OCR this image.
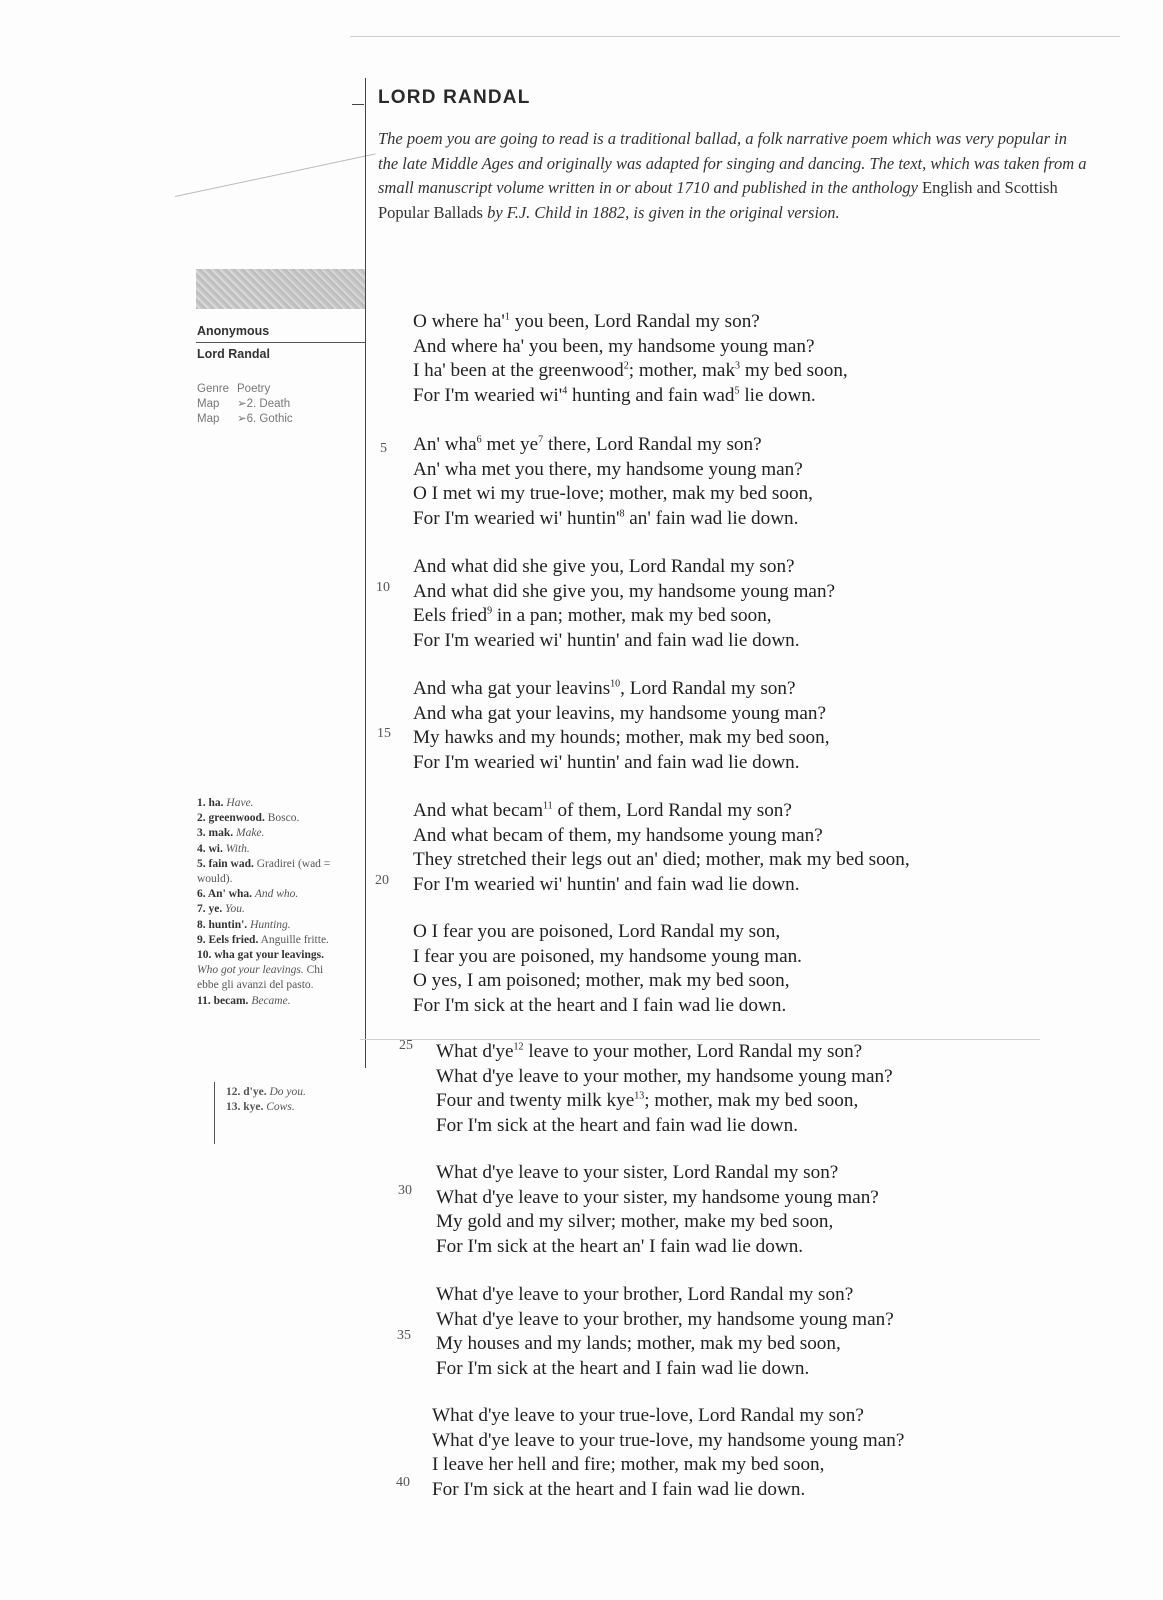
LORD RANDAL
The poem you are going to read is a traditional ballad, a folk narrative poem which was very popular in the late Middle Ages and originally was adapted for singing and dancing. The text, which was taken from a small manuscript volume written in or about 1710 and published in the anthology English and Scottish Popular Ballads by F.J. Child in 1882, is given in the original version.
Anonymous
Lord Randal
Genre Poetry
Map	➢2. Death
Map	➢6. Gothic
1. ha. Have.
2. greenwood. Bosco.
3. mak. Make.
4. wi. With.
5. fain wad. Gradirei (wad = would).
6. An' wha. And who.
7. ye. You.
8. huntin'. Hunting.
9. Eels fried. Anguille fritte.
10. wha gat your leavings. Who got your leavings. Chi ebbe gli avanzi del pasto.
11. becam. Became.
12. d'ye. Do you.
13. kye. Cows.
O where $ha'^1$ you been, Lord Randal my son?
And where ha' you been, my handsome young man?
I ha' been at the greenwood$^2$; mother, mak$^3$ my bed soon,
For I'm wearied $wi'^4$ hunting and fain wad$^5$ lie down.
An' wha$^6$ met $ye^7$ there, Lord Randal my son?
An' wha met you there, my handsome young man?
O I met wi my true-love; mother, mak my bed soon,
For I'm wearied wi' $huntin'^8$ an' fain wad lie down.
And what did she give you, Lord Randal my son?
And what did she give you, my handsome young man?
Eels fried$^9$ in a pan; mother, mak my bed soon,
For I'm wearied wi' huntin' and fain wad lie down.
And wha gat your leavins$^{10}$, Lord Randal my son?
And wha gat your leavins, my handsome young man?
My hawks and my hounds; mother, mak my bed soon,
For I'm wearied wi' huntin' and fain wad lie down.
And what becam$^{11}$ of them, Lord Randal my son?
And what becam of them, my handsome young man?
They stretched their legs out an' died; mother, mak my bed soon,
For I'm wearied wi' huntin' and fain wad lie down.
O I fear you are poisoned, Lord Randal my son,
I fear you are poisoned, my handsome young man.
O yes, I am poisoned; mother, mak my bed soon,
For I'm sick at the heart and I fain wad lie down.
What $d'ye^{12}$ leave to your mother, Lord Randal my son?
What d'ye leave to your mother, my handsome young man?
Four and twenty milk kye$^{13}$; mother, mak my bed soon,
For I'm sick at the heart and fain wad lie down.
What d'ye leave to your sister, Lord Randal my son?
What d'ye leave to your sister, my handsome young man?
My gold and my silver; mother, make my bed soon,
For I'm sick at the heart an' I fain wad lie down.
What d'ye leave to your brother, Lord Randal my son?
What d'ye leave to your brother, my handsome young man?
My houses and my lands; mother, mak my bed soon,
For I'm sick at the heart and I fain wad lie down.
What d'ye leave to your true-love, Lord Randal my son?
What d'ye leave to your true-love, my handsome young man?
I leave her hell and fire; mother, mak my bed soon,
For I'm sick at the heart and I fain wad lie down.
5
10
15
20
25
30
35
40
